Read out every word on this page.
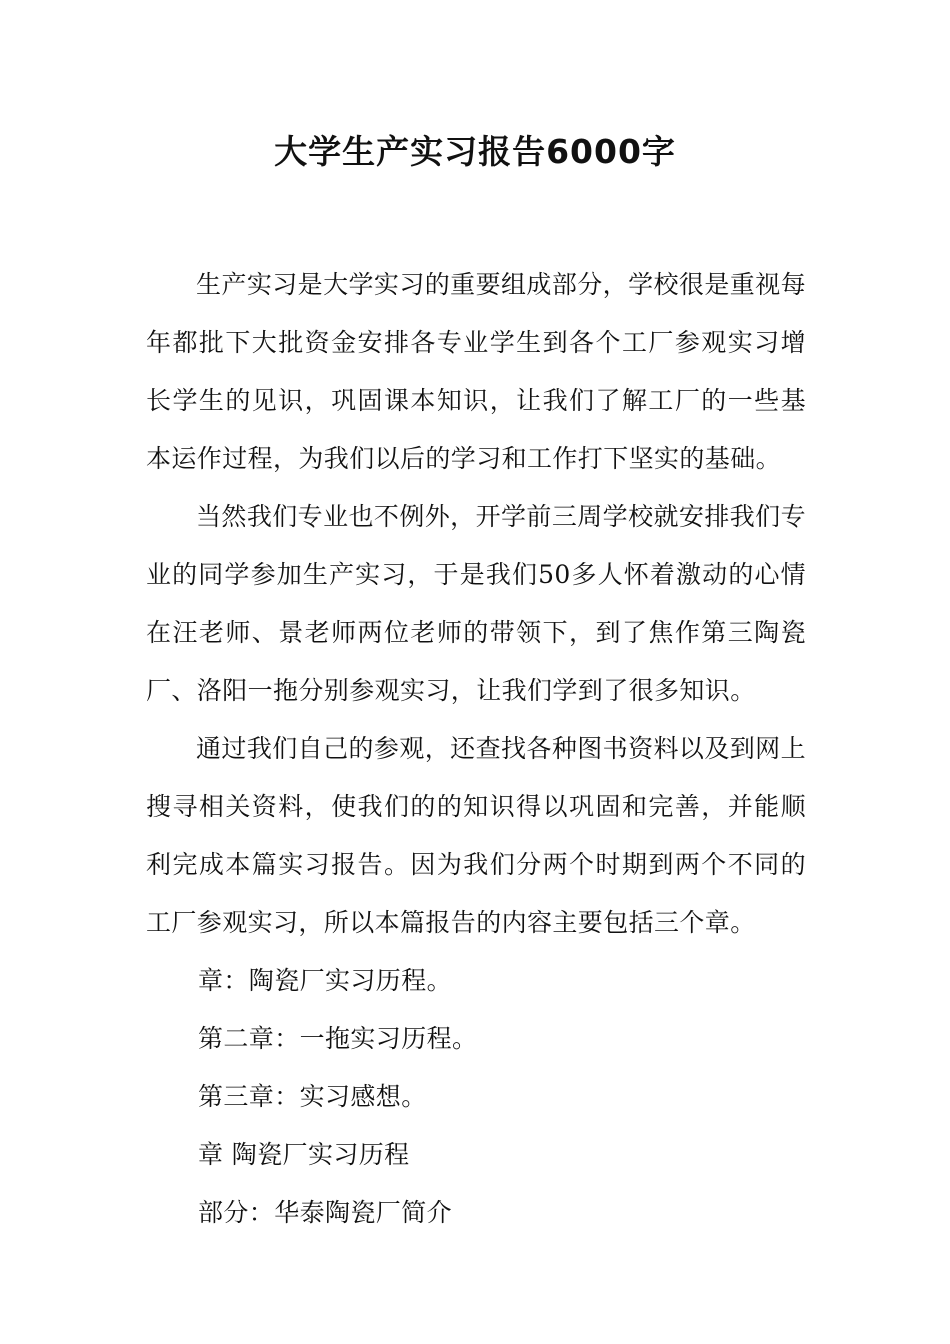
大学生产实习报告6000字

生产实习是大学实习的重要组成部分，学校很是重视每年都批下大批资金安排各专业学生到各个工厂参观实习增长学生的见识，巩固课本知识，让我们了解工厂的一些基本运作过程，为我们以后的学习和工作打下坚实的基础。

当然我们专业也不例外，开学前三周学校就安排我们专业的同学参加生产实习，于是我们50多人怀着激动的心情在汪老师、景老师两位老师的带领下，到了焦作第三陶瓷厂、洛阳一拖分别参观实习，让我们学到了很多知识。

通过我们自己的参观，还查找各种图书资料以及到网上搜寻相关资料，使我们的的知识得以巩固和完善，并能顺利完成本篇实习报告。因为我们分两个时期到两个不同的工厂参观实习，所以本篇报告的内容主要包括三个章。

章：陶瓷厂实习历程。

第二章：一拖实习历程。

第三章：实习感想。

章 陶瓷厂实习历程

部分：华泰陶瓷厂简介
